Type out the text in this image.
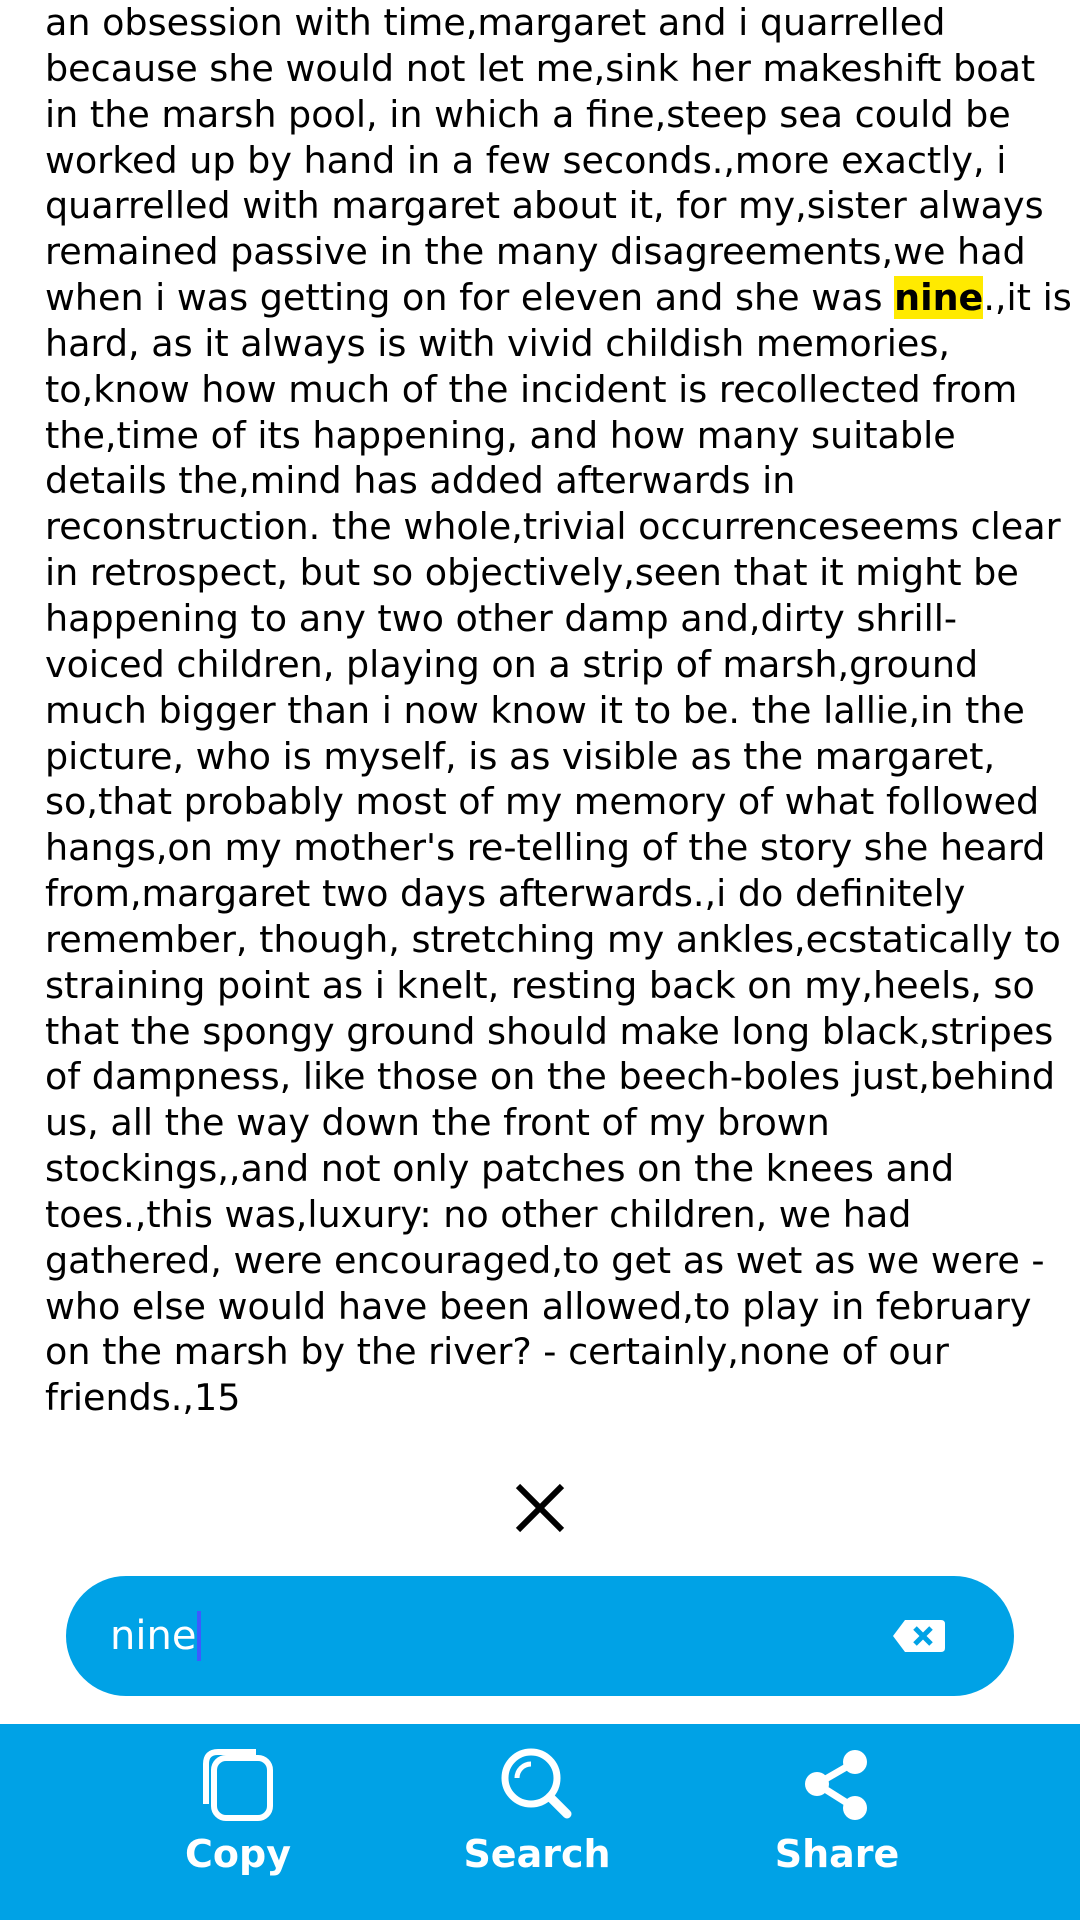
an obsession with time,margaret and i quarrelled
because she would not let me,sink her makeshift boat
in the marsh pool, in which a fine,steep sea could be
worked up by hand in a few seconds.,more exactly, i
quarrelled with margaret about it, for my,sister always
remained passive in the many disagreements,we had
when i was getting on for eleven and she was nine.,it is
hard, as it always is with vivid childish memories,
to,know how much of the incident is recollected from
the,time of its happening, and how many suitable
details the,mind has added afterwards in
reconstruction. the whole,trivial occurrenceseems clear
in retrospect, but so objectively,seen that it might be
happening to any two other damp and,dirty shrill-
voiced children, playing on a strip of marsh,ground
much bigger than i now know it to be. the lallie,in the
picture, who is myself, is as visible as the margaret,
so,that probably most of my memory of what followed
hangs,on my mother's re-telling of the story she heard
from,margaret two days afterwards.,i do definitely
remember, though, stretching my ankles,ecstatically to
straining point as i knelt, resting back on my,heels, so
that the spongy ground should make long black,stripes
of dampness, like those on the beech-boles just,behind
us, all the way down the front of my brown
stockings,,and not only patches on the knees and
toes.,this was,luxury: no other children, we had
gathered, were encouraged,to get as wet as we were -
who else would have been allowed,to play in february
on the marsh by the river? - certainly,none of our
friends.,15
nine
Copy	Search	Share
